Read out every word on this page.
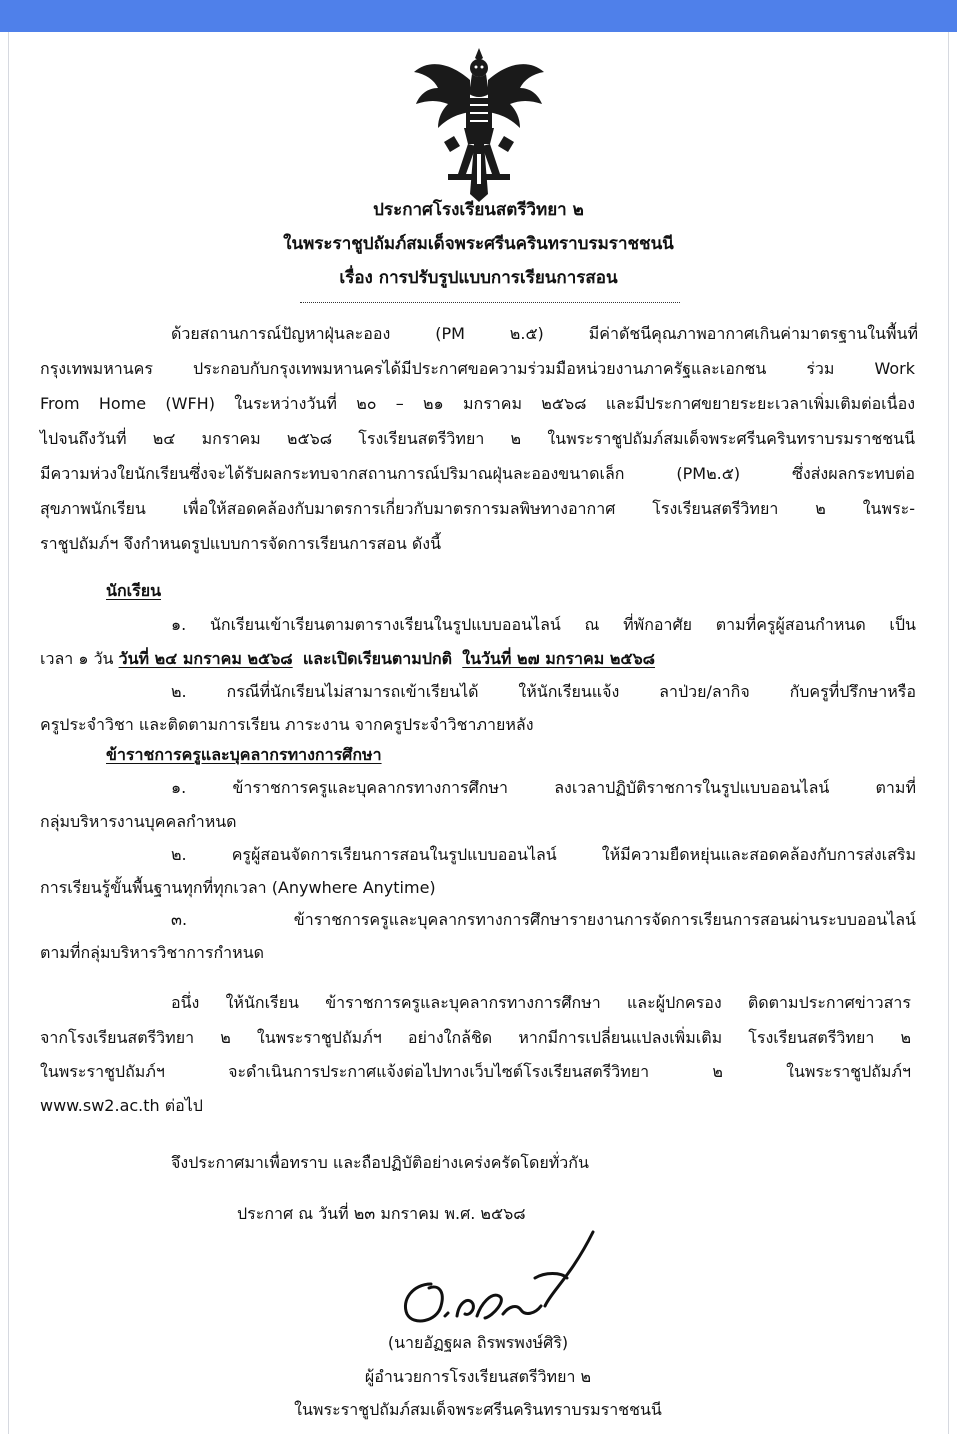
ประกาศโรงเรียนสตรีวิทยา ๒
ในพระราชูปถัมภ์สมเด็จพระศรีนครินทราบรมราชชนนี
เรื่อง การปรับรูปแบบการเรียนการสอน
ด้วยสถานการณ์ปัญหาฝุ่นละออง (PM ๒.๕) มีค่าดัชนีคุณภาพอากาศเกินค่ามาตรฐานในพื้นที่
กรุงเทพมหานคร ประกอบกับกรุงเทพมหานครได้มีประกาศขอความร่วมมือหน่วยงานภาครัฐและเอกชน ร่วม Work
From Home (WFH) ในระหว่างวันที่ ๒๐ – ๒๑ มกราคม ๒๕๖๘ และมีประกาศขยายระยะเวลาเพิ่มเติมต่อเนื่อง
ไปจนถึงวันที่ ๒๔ มกราคม ๒๕๖๘ โรงเรียนสตรีวิทยา ๒ ในพระราชูปถัมภ์สมเด็จพระศรีนครินทราบรมราชชนนี
มีความห่วงใยนักเรียนซึ่งจะได้รับผลกระทบจากสถานการณ์ปริมาณฝุ่นละอองขนาดเล็ก (PM๒.๕) ซึ่งส่งผลกระทบต่อ
สุขภาพนักเรียน เพื่อให้สอดคล้องกับมาตรการเกี่ยวกับมาตรการมลพิษทางอากาศ โรงเรียนสตรีวิทยา ๒ ในพระ-
ราชูปถัมภ์ฯ จึงกำหนดรูปแบบการจัดการเรียนการสอน ดังนี้
นักเรียน
๑. นักเรียนเข้าเรียนตามตารางเรียนในรูปแบบออนไลน์ ณ ที่พักอาศัย ตามที่ครูผู้สอนกำหนด เป็น
เวลา ๑ วัน วันที่ ๒๔ มกราคม ๒๕๖๘ และเปิดเรียนตามปกติ ในวันที่ ๒๗ มกราคม ๒๕๖๘
๒. กรณีที่นักเรียนไม่สามารถเข้าเรียนได้ ให้นักเรียนแจ้ง ลาป่วย/ลากิจ กับครูที่ปรึกษาหรือ
ครูประจำวิชา และติดตามการเรียน ภาระงาน จากครูประจำวิชาภายหลัง
ข้าราชการครูและบุคลากรทางการศึกษา
๑. ข้าราชการครูและบุคลากรทางการศึกษา ลงเวลาปฏิบัติราชการในรูปแบบออนไลน์ ตามที่
กลุ่มบริหารงานบุคคลกำหนด
๒. ครูผู้สอนจัดการเรียนการสอนในรูปแบบออนไลน์ ให้มีความยืดหยุ่นและสอดคล้องกับการส่งเสริม
การเรียนรู้ขั้นพื้นฐานทุกที่ทุกเวลา (Anywhere Anytime)
๓. ข้าราชการครูและบุคลากรทางการศึกษารายงานการจัดการเรียนการสอนผ่านระบบออนไลน์
ตามที่กลุ่มบริหารวิชาการกำหนด
อนึ่ง ให้นักเรียน ข้าราชการครูและบุคลากรทางการศึกษา และผู้ปกครอง ติดตามประกาศข่าวสาร
จากโรงเรียนสตรีวิทยา ๒ ในพระราชูปถัมภ์ฯ อย่างใกล้ชิด หากมีการเปลี่ยนแปลงเพิ่มเติม โรงเรียนสตรีวิทยา ๒
ในพระราชูปถัมภ์ฯ จะดำเนินการประกาศแจ้งต่อไปทางเว็บไซต์โรงเรียนสตรีวิทยา ๒ ในพระราชูปถัมภ์ฯ
www.sw2.ac.th ต่อไป
จึงประกาศมาเพื่อทราบ และถือปฏิบัติอย่างเคร่งครัดโดยทั่วกัน
ประกาศ ณ วันที่ ๒๓ มกราคม พ.ศ. ๒๕๖๘
(นายอัฏฐผล ถิรพรพงษ์ศิริ)
ผู้อำนวยการโรงเรียนสตรีวิทยา ๒
ในพระราชูปถัมภ์สมเด็จพระศรีนครินทราบรมราชชนนี
